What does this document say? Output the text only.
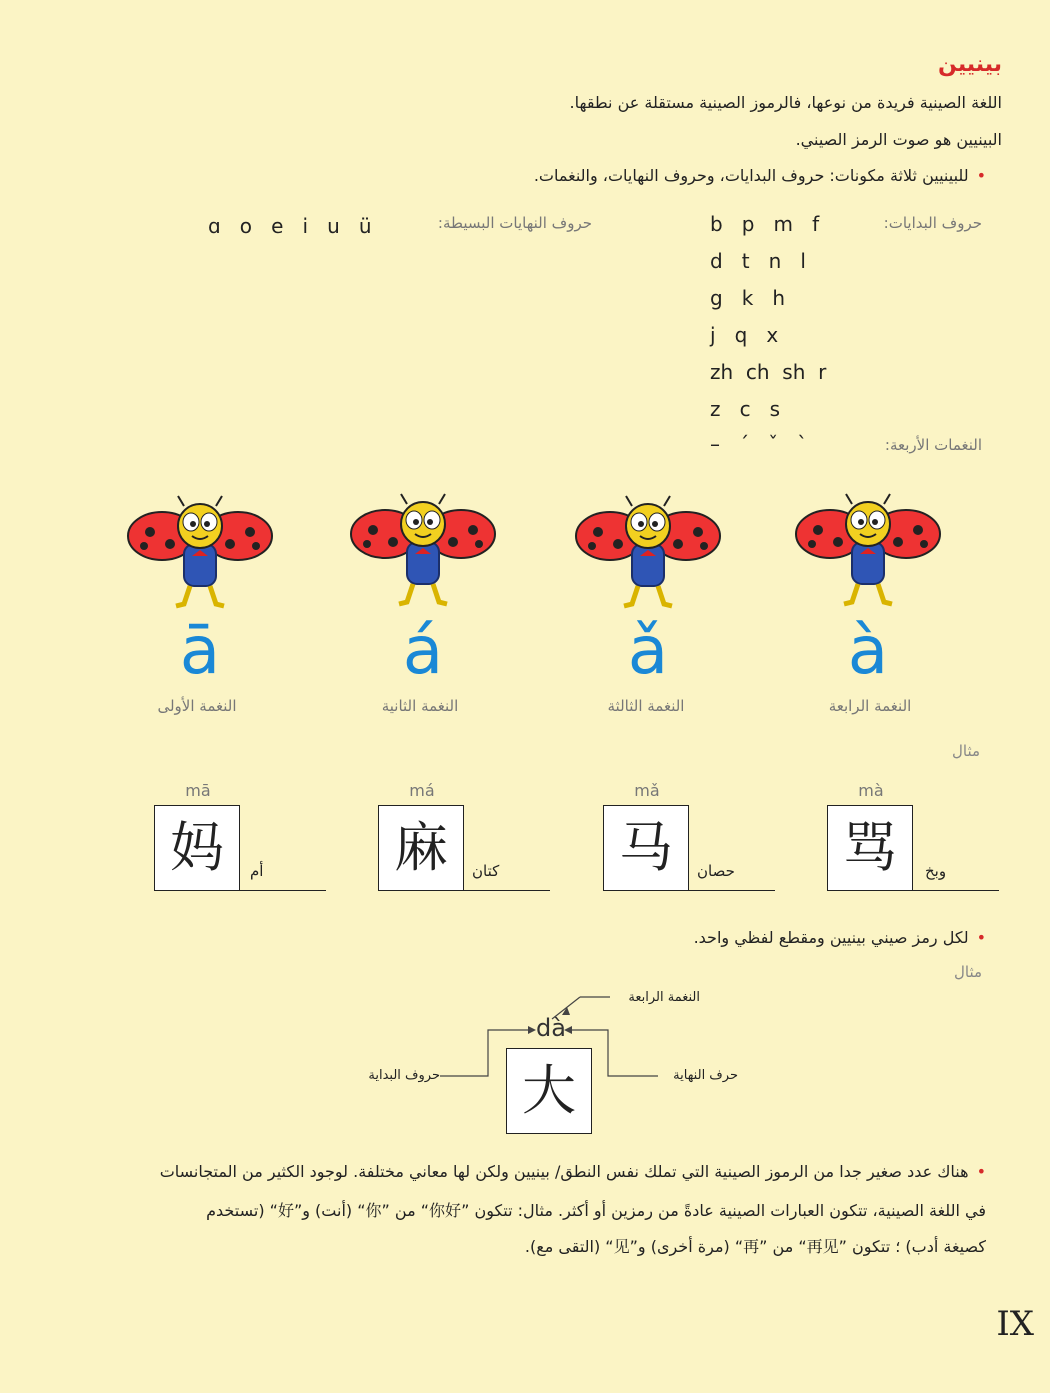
بينيين
اللغة الصينية فريدة من نوعها، فالرموز الصينية مستقلة عن نطقها.
البينيين هو صوت الرمز الصيني.
• للبينيين ثلاثة مكونات: حروف البدايات، وحروف النهايات، والنغمات.
حروف البدايات:
b   p   m   f
d   t   n   l
g   k   h
j   q   x
zh  ch  sh  r
z   c   s
حروف النهايات البسيطة:
ɑ   o   e   i   u   ü
النغمات الأربعة:
–   ˊ   ˇ   ˋ
ā	á	ǎ	à
النغمة الأولى	النغمة الثانية	النغمة الثالثة	النغمة الرابعة
مثال
mā
妈	أم
má
麻	كتان
mǎ
马	حصان
mà
骂	وبخ
• لكل رمز صيني بينيين ومقطع لفظي واحد.
مثال
النغمة الرابعة
dà
حروف البداية	حرف النهاية
大
• هناك عدد صغير جدا من الرموز الصينية التي تملك نفس النطق/ بينيين ولكن لها معاني مختلفة. لوجود الكثير من المتجانسات
في اللغة الصينية، تتكون العبارات الصينية عادةً من رمزين أو أكثر. مثال: تتكون ”你好“ من ”你“ (أنت) و”好“ (تستخدم
كصيغة أدب) ؛ تتكون ”再见“ من ”再“ (مرة أخرى) و”见“ (التقى مع).
IX
